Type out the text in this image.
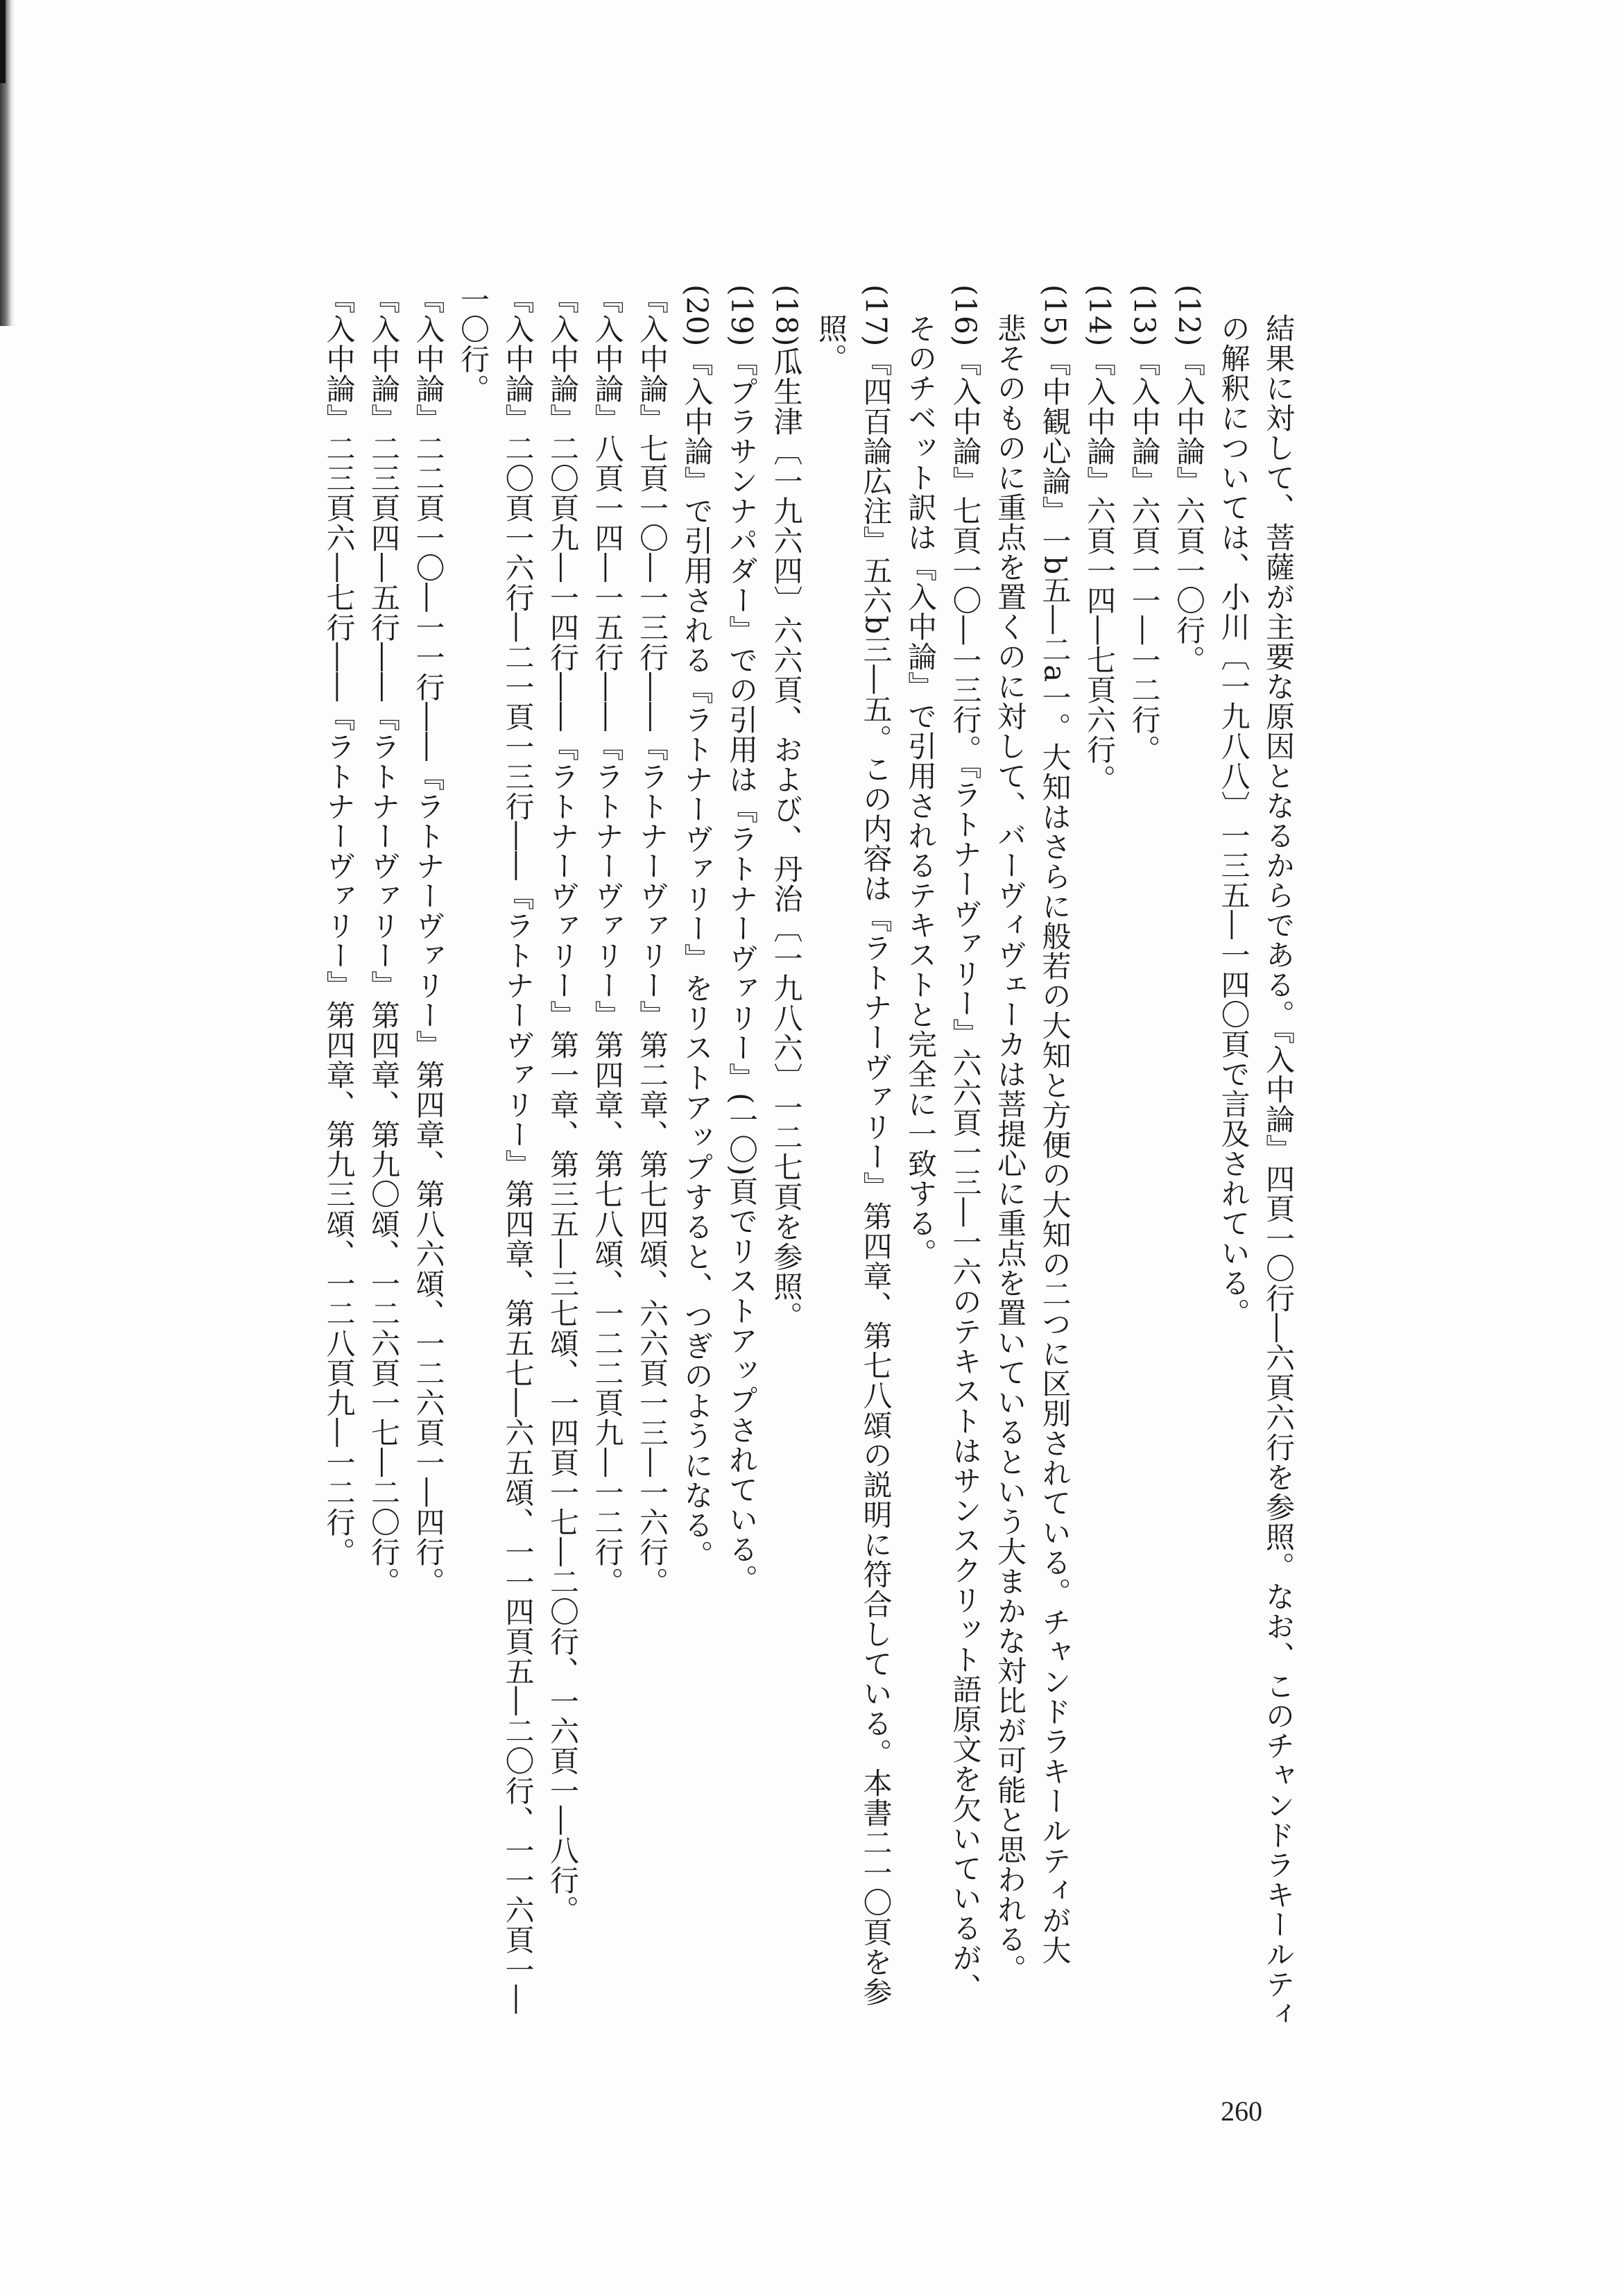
結果に対して、菩薩が主要な原因となるからである。『入中論』四頁一〇行―六頁六行を参照。なお、このチャンドラキールティ
の解釈については、小川〔一九八八〕一三五―一四〇頁で言及されている。
(12)『入中論』六頁一〇行。
(13)『入中論』六頁一一―一二行。
(14)『入中論』六頁一四―七頁六行。
(15)『中観心論』一b五―二a一。大知はさらに般若の大知と方便の大知の二つに区別されている。チャンドラキールティが大
悲そのものに重点を置くのに対して、バーヴィヴェーカは菩提心に重点を置いているという大まかな対比が可能と思われる。
(16)『入中論』七頁一〇―一三行。『ラトナーヴァリー』六六頁一三―一六のテキストはサンスクリット語原文を欠いているが、
そのチベット訳は『入中論』で引用されるテキストと完全に一致する。
(17)『四百論広注』五六b三―五。この内容は『ラトナーヴァリー』第四章、第七八頌の説明に符合している。本書二一〇頁を参
照。
(18)瓜生津〔一九六四〕六六頁、および、丹治〔一九八六〕一二七頁を参照。
(19)『プラサンナパダー』での引用は『ラトナーヴァリー』(一〇)頁でリストアップされている。
(20)『入中論』で引用される『ラトナーヴァリー』をリストアップすると、つぎのようになる。
『入中論』七頁一〇―一三行――『ラトナーヴァリー』第二章、第七四頌、六六頁一三―一六行。
『入中論』八頁一四―一五行――『ラトナーヴァリー』第四章、第七八頌、一二二頁九―一二行。
『入中論』二〇頁九―一四行――『ラトナーヴァリー』第一章、第三五―三七頌、一四頁一七―二〇行、一六頁一―八行。
『入中論』二〇頁一六行―二一頁一三行――『ラトナーヴァリー』第四章、第五七―六五頌、一一四頁五―二〇行、一一六頁一―
一〇行。
『入中論』二二頁一〇―一一行――『ラトナーヴァリー』第四章、第八六頌、一二六頁一―四行。
『入中論』二三頁四―五行――『ラトナーヴァリー』第四章、第九〇頌、一二六頁一七―二〇行。
『入中論』二三頁六―七行――『ラトナーヴァリー』第四章、第九三頌、一二八頁九―一二行。
260
